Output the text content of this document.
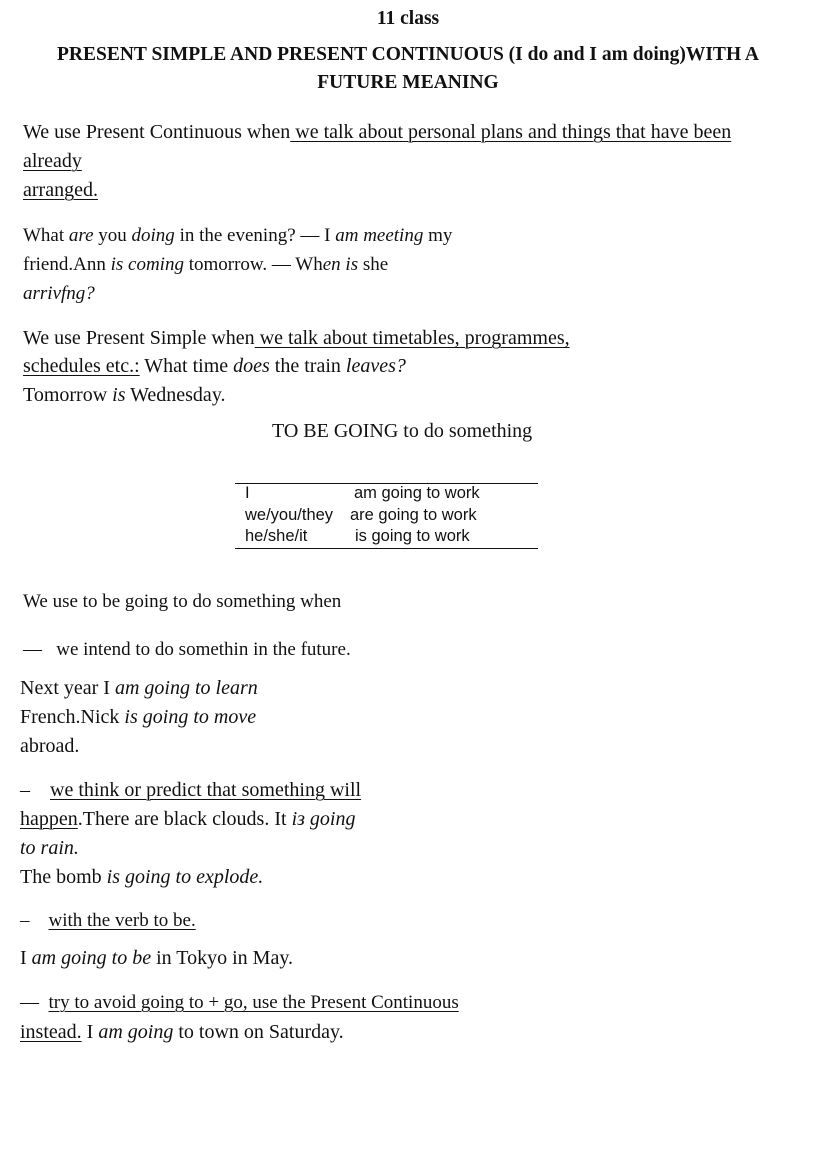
11 class
PRESENT SIMPLE AND PRESENT CONTINUOUS (I do and I am doing)WITH A
FUTURE MEANING
We use Present Continuous when we talk about personal plans and things that have been
already
arranged.
What are you doing in the evening? — I am meeting my
friend.Ann is coming tomorrow. — When is she
arrivfng?
We use Present Simple when we talk about timetables, programmes,
schedules etc.: What time does the train leaves?
Tomorrow is Wednesday.
TO BE GOING to do something
I	am going to work
we/you/they are going to work
he/she/it	is going to work
We use to be going to do something when
— we intend to do somethin in the future.
Next year I am going to learn
French.Nick is going to move
abroad.
– we think or predict that something will
happen.There are black clouds. It iз going
to rain.
The bomb is going to explode.
– with the verb to be.
I am going to be in Tokyo in May.
— try to avoid going to + go, use the Present Continuous
instead. I am going to town on Saturday.
